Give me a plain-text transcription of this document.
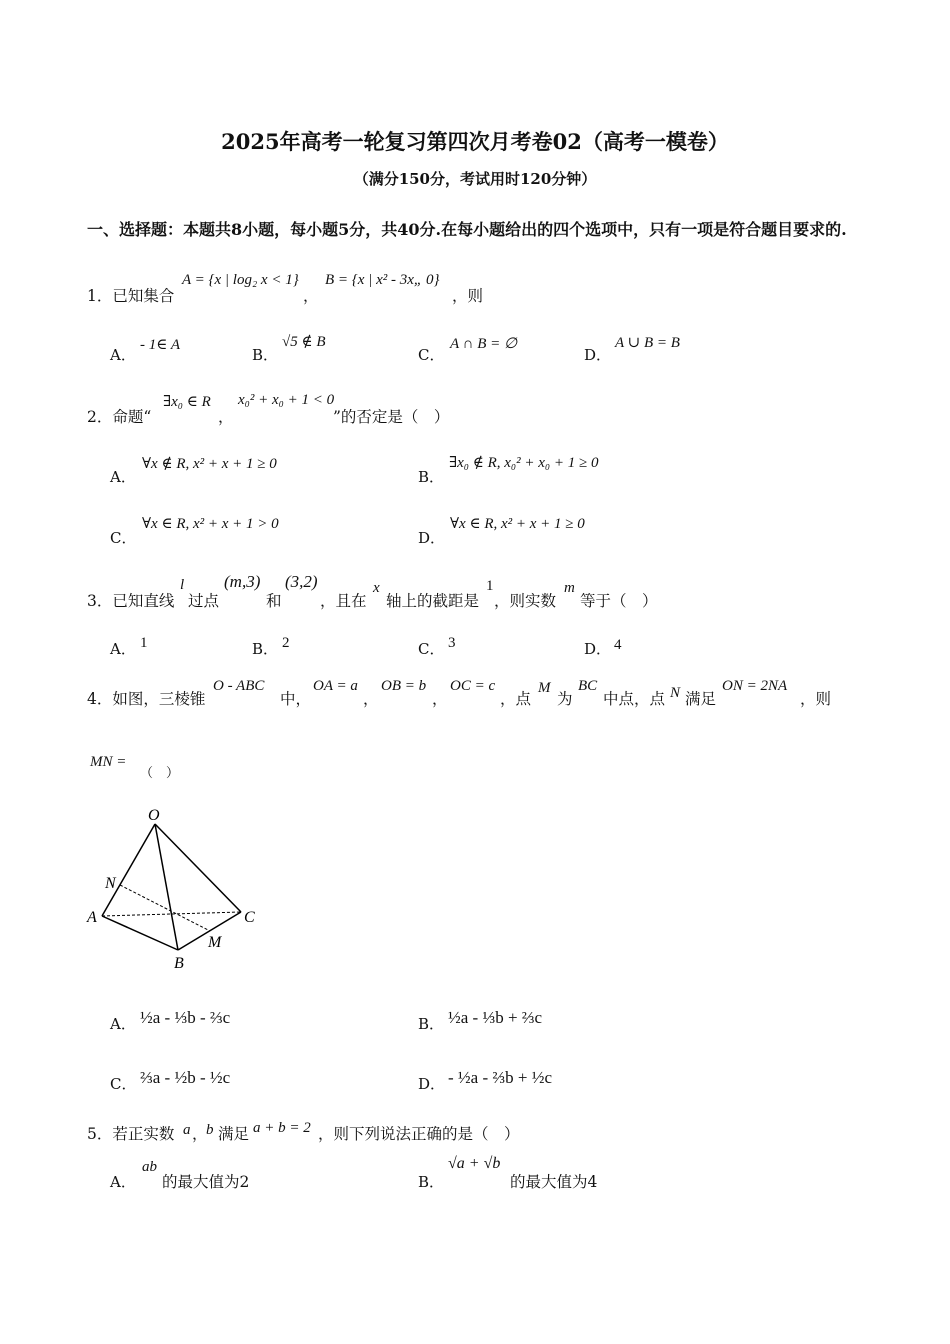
2025年高考一轮复习第四次月考卷02（高考一模卷）
（满分150分，考试用时120分钟）
一、选择题：本题共8小题，每小题5分，共40分.在每小题给出的四个选项中，只有一项是符合题目要求的.
1．已知集合
A = {x | log₂ x < 1}
，
B = {x | x² - 3x„ 0}
，则
A．
- 1∈ A
B．
√5 ∉ B
C．
A ∩ B = ∅
D．
A ∪ B = B
2．命题“
∃x₀ ∈ R
，
x₀² + x₀ + 1 < 0
”的否定是（　）
A．
∀x ∉ R, x² + x + 1 ≥ 0
B．
∃x₀ ∉ R, x₀² + x₀ + 1 ≥ 0
C．
∀x ∈ R, x² + x + 1 > 0
D．
∀x ∈ R, x² + x + 1 ≥ 0
3．已知直线
l
过点
(m,3)
和
(3,2)
，且在
x
轴上的截距是
1
，则实数
m
等于（　）
A． 1	B． 2	C． 3	D． 4
4．如图，三棱锥
O - ABC
中，
OA = a
，
OB = b
，
OC = c
，点
M
为
BC
中点，点 N 满足
ON = 2NA
，则
MN =
（　）
O
A
B
C
M
N
A． ½a - ⅓b - ⅔c	B． ½a - ⅓b + ⅔c
C． ⅔a - ½b - ½c	D． - ½a - ⅔b + ½c
5．若正实数 a ，
b 满足 a + b = 2 ，则下列说法正确的是（　）
A．
ab
的最大值为2	B．
√a + √b
的最大值为4
